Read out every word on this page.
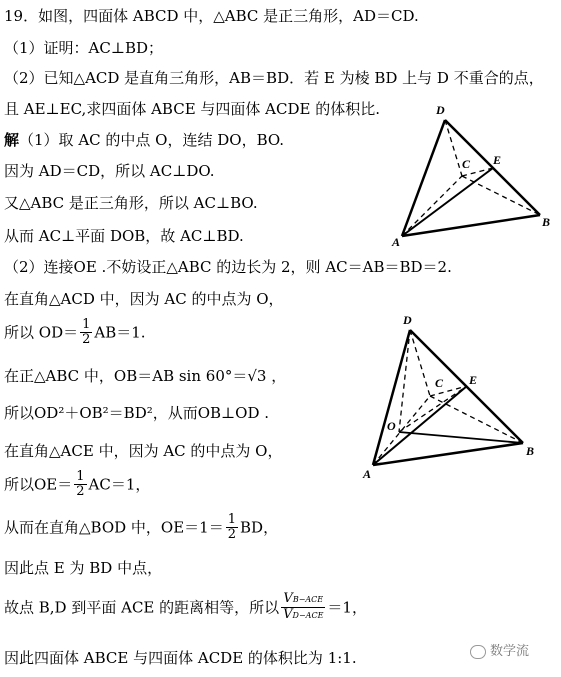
19．如图，四面体 ABCD 中，△ABC 是正三角形，AD＝CD.
（1）证明：AC⊥BD；
（2）已知△ACD 是直角三角形，AB＝BD．若 E 为棱 BD 上与 D 不重合的点，
且 AE⊥EC,求四面体 ABCE 与四面体 ACDE 的体积比.
解（1）取 AC 的中点 O，连结 DO，BO.
因为 AD＝CD，所以 AC⊥DO.
又△ABC 是正三角形，所以 AC⊥BO.
从而 AC⊥平面 DOB，故 AC⊥BD.
（2）连接OE .不妨设正△ABC 的边长为 2，则 AC＝AB＝BD＝2.
在直角△ACD 中，因为 AC 的中点为 O，
所以 $OD= \frac{1}{2} AB=1$.
在正△ABC 中，OB＝AB sin 60°＝√3 ，
所以OD²＋OB²＝BD²，从而OB⊥OD .
在直角△ACE 中，因为 AC 的中点为 O，
所以$OE= \frac{1}{2} AC=1$，
从而在直角△BOD 中，$OE=1= \frac{1}{2}$ BD，
因此点 E 为 BD 中点，
故点 B,D 到平面 ACE 的距离相等，所以 $\frac{\text{VB−ACE}}{\text{VD−ACE}} =1$，
因此四面体 ABCE 与四面体 ACDE 的体积比为 1:1.
D
C E
A
B
D
C E
O
A
B
数学流
